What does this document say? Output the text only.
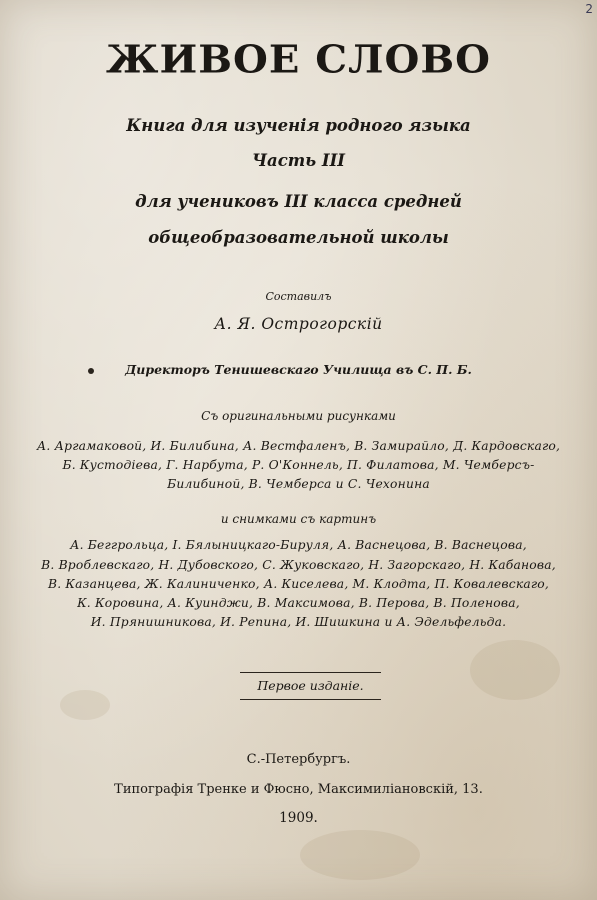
2
ЖИВОЕ СЛОВО
Книга для изученія родного языка
Часть III
для учениковъ III класса средней
общеобразовательной школы
Составилъ
А. Я. Острогорскій
Директоръ Тенишевскаго Училища въ С. П. Б.
Съ оригинальными рисунками
А. Аргамаковой, И. Билибина, А. Вестфаленъ, В. Замирайло, Д. Кардовскаго,
Б. Кустодіева, Г. Нарбута, Р. О'Коннель, П. Филатова, М. Чемберсъ-
Билибиной, В. Чемберса и С. Чехонина
и снимками съ картинъ
А. Беггрольца, І. Бялыницкаго-Бируля, А. Васнецова, В. Васнецова,
В. Вроблевскаго, Н. Дубовского, С. Жуковскаго, Н. Загорскаго, Н. Кабанова,
В. Казанцева, Ж. Калиниченко, А. Киселева, М. Клодта, П. Ковалевскаго,
К. Коровина, А. Куинджи, В. Максимова, В. Перова, В. Поленова,
И. Прянишникова, И. Репина, И. Шишкина и А. Эдельфельда.
Первое изданіе.
С.-Петербургъ.
Типографія Тренке и Фюсно, Максимиліановскій, 13.
1909.
